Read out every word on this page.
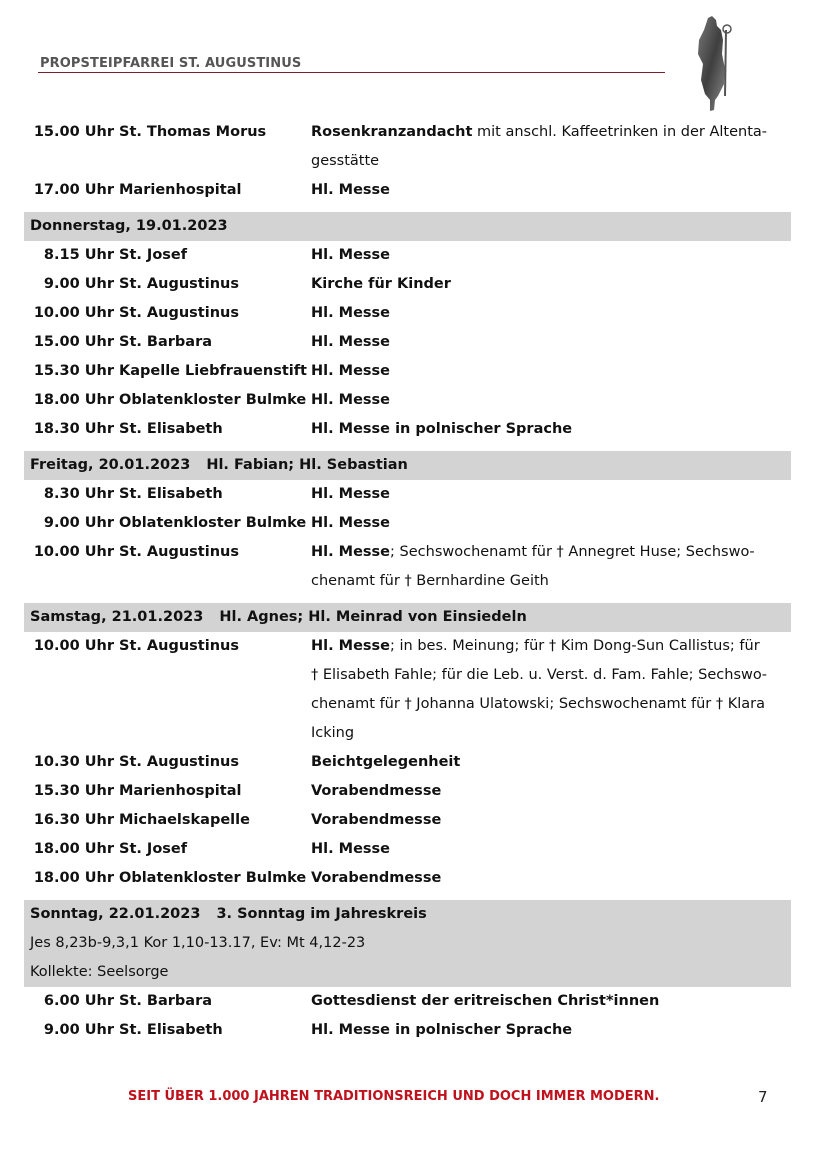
PROPSTEIPFARREI ST. AUGUSTINUS
15.00 Uhr St. Thomas Morus	Rosenkranzandacht mit anschl. Kaffeetrinken in der Altentagesstätte
17.00 Uhr Marienhospital	Hl. Messe
Donnerstag, 19.01.2023
8.15 Uhr St. Josef	Hl. Messe
9.00 Uhr St. Augustinus	Kirche für Kinder
10.00 Uhr St. Augustinus	Hl. Messe
15.00 Uhr St. Barbara	Hl. Messe
15.30 Uhr Kapelle Liebfrauenstift Hl. Messe
18.00 Uhr Oblatenkloster Bulmke Hl. Messe
18.30 Uhr St. Elisabeth	Hl. Messe in polnischer Sprache
Freitag, 20.01.2023 Hl. Fabian; Hl. Sebastian
8.30 Uhr St. Elisabeth	Hl. Messe
9.00 Uhr Oblatenkloster Bulmke Hl. Messe
10.00 Uhr St. Augustinus	Hl. Messe; Sechswochenamt für † Annegret Huse; Sechswochenamt für † Bernhardine Geith
Samstag, 21.01.2023 Hl. Agnes; Hl. Meinrad von Einsiedeln
10.00 Uhr St. Augustinus	Hl. Messe; in bes. Meinung; für † Kim Dong-Sun Callistus; für † Elisabeth Fahle; für die Leb. u. Verst. d. Fam. Fahle; Sechswochenamt für † Johanna Ulatowski; Sechswochenamt für † Klara Icking
10.30 Uhr St. Augustinus	Beichtgelegenheit
15.30 Uhr Marienhospital	Vorabendmesse
16.30 Uhr Michaelskapelle	Vorabendmesse
18.00 Uhr St. Josef	Hl. Messe
18.00 Uhr Oblatenkloster Bulmke Vorabendmesse
Sonntag, 22.01.2023 3. Sonntag im Jahreskreis
Jes 8,23b-9,3,1 Kor 1,10-13.17, Ev: Mt 4,12-23
Kollekte: Seelsorge
6.00 Uhr St. Barbara	Gottesdienst der eritreischen Christ*innen
9.00 Uhr St. Elisabeth	Hl. Messe in polnischer Sprache
SEIT ÜBER 1.000 JAHREN TRADITIONSREICH UND DOCH IMMER MODERN.	7
